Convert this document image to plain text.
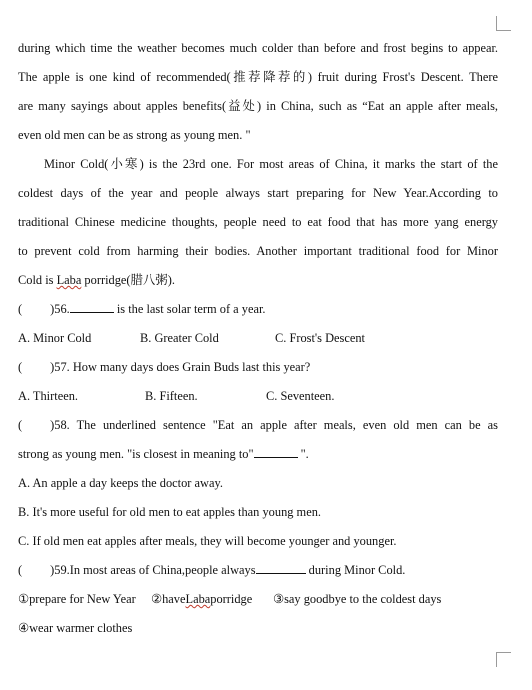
during which time the weather becomes much colder than before and frost begins to appear.
The apple is one kind of recommended(推荐降荐的) fruit during Frost's Descent. There
are many sayings about apples benefits(益处) in China, such as “Eat an apple after meals,
even old men can be as strong as young men. "
Minor Cold(小寒) is the 23rd one. For most areas of China, it marks the start of the
coldest days of the year and people always start preparing for New Year.According to
traditional Chinese medicine thoughts, people need to eat food that has more yang energy
to prevent cold from harming their bodies. Another important traditional food for Minor
Cold is Laba porridge(腊八粥).
( )56.	is the last solar term of a year.
A. Minor Cold	B. Greater Cold	C. Frost's Descent
( )57. How many days does Grain Buds last this year?
A. Thirteen.	B. Fifteen.	C. Seventeen.
( )58. The underlined sentence "Eat an apple after meals, even old men can be as
strong as young men. "is closest in meaning to"	".
A. An apple a day keeps the doctor away.
B. It's more useful for old men to eat apples than young men.
C. If old men eat apples after meals, they will become younger and younger.
( )59.In most areas of China,people always	during Minor Cold.
①prepare for New Year ②haveLabaporridge ③say goodbye to the coldest days
④wear warmer clothes
